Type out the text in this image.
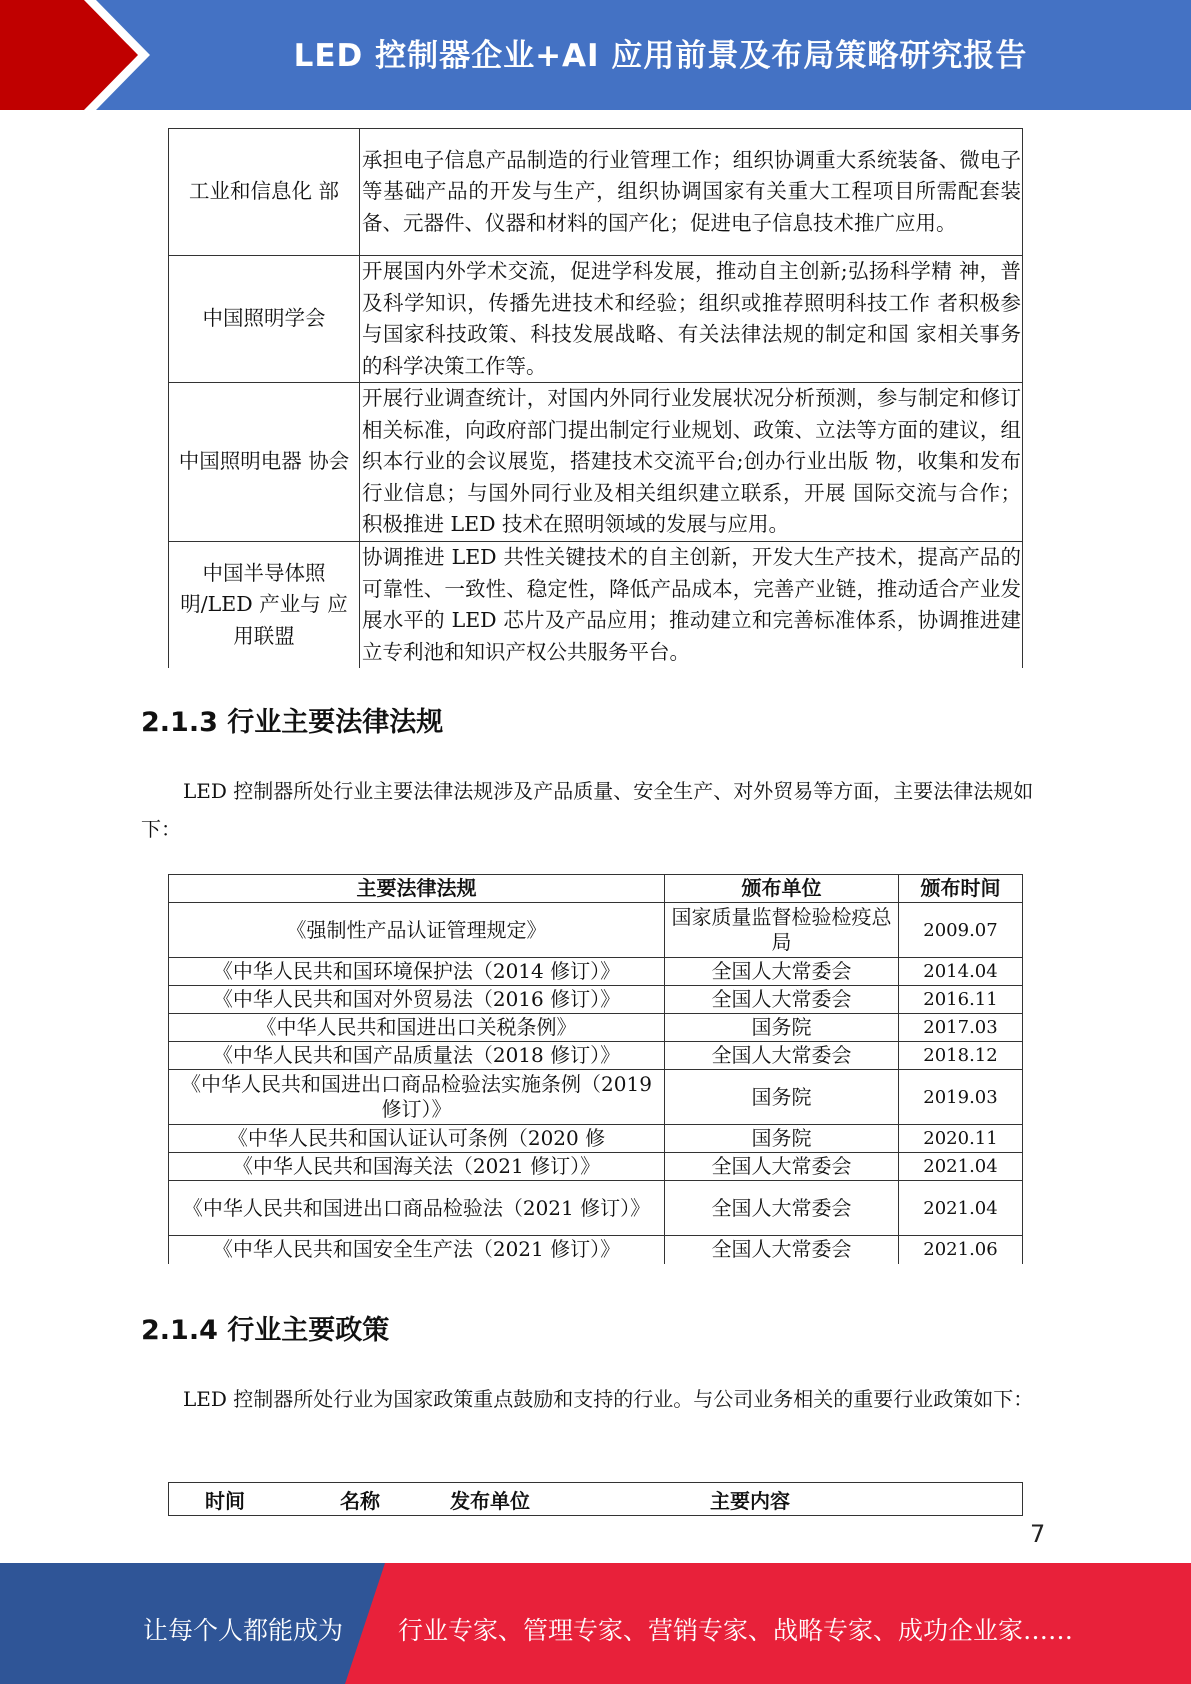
LED 控制器企业+AI 应用前景及布局策略研究报告
工业和信息化 部	承担电子信息产品制造的行业管理工作；组织协调重大系统装备、微电子等基础产品的开发与生产，组织协调国家有关重大工程项目所需配套装备、元器件、仪器和材料的国产化；促进电子信息技术推广应用。
中国照明学会	开展国内外学术交流，促进学科发展，推动自主创新;弘扬科学精 神，普及科学知识，传播先进技术和经验；组织或推荐照明科技工作 者积极参与国家科技政策、科技发展战略、有关法律法规的制定和国 家相关事务的科学决策工作等。
中国照明电器 协会	开展行业调查统计，对国内外同行业发展状况分析预测，参与制定和修订相关标准，向政府部门提出制定行业规划、政策、立法等方面的建议，组织本行业的会议展览，搭建技术交流平台;创办行业出版 物，收集和发布行业信息；与国外同行业及相关组织建立联系，开展 国际交流与合作；积极推进 LED 技术在照明领域的发展与应用。
中国半导体照 明/LED 产业与 应用联盟	协调推进 LED 共性关键技术的自主创新，开发大生产技术，提高产品的可靠性、一致性、稳定性，降低产品成本，完善产业链，推动适合产业发展水平的 LED 芯片及产品应用；推动建立和完善标准体系，协调推进建立专利池和知识产权公共服务平台。
2.1.3 行业主要法律法规
LED 控制器所处行业主要法律法规涉及产品质量、安全生产、对外贸易等方面，主要法律法规如下：
主要法律法规	颁布单位	颁布时间
《强制性产品认证管理规定》	国家质量监督检验检疫总局	2009.07
《中华人民共和国环境保护法（2014 修订）》	全国人大常委会	2014.04
《中华人民共和国对外贸易法（2016 修订）》	全国人大常委会	2016.11
《中华人民共和国进出口关税条例》	国务院	2017.03
《中华人民共和国产品质量法（2018 修订）》	全国人大常委会	2018.12
《中华人民共和国进出口商品检验法实施条例（2019 修订）》	国务院	2019.03
《中华人民共和国认证认可条例（2020 修	国务院	2020.11
《中华人民共和国海关法（2021 修订）》	全国人大常委会	2021.04
《中华人民共和国进出口商品检验法（2021 修订）》	全国人大常委会	2021.04
《中华人民共和国安全生产法（2021 修订）》	全国人大常委会	2021.06
2.1.4 行业主要政策
LED 控制器所处行业为国家政策重点鼓励和支持的行业。与公司业务相关的重要行业政策如下：
时间	名称	发布单位	主要内容
7
让每个人都能成为 行业专家、管理专家、营销专家、战略专家、成功企业家……
